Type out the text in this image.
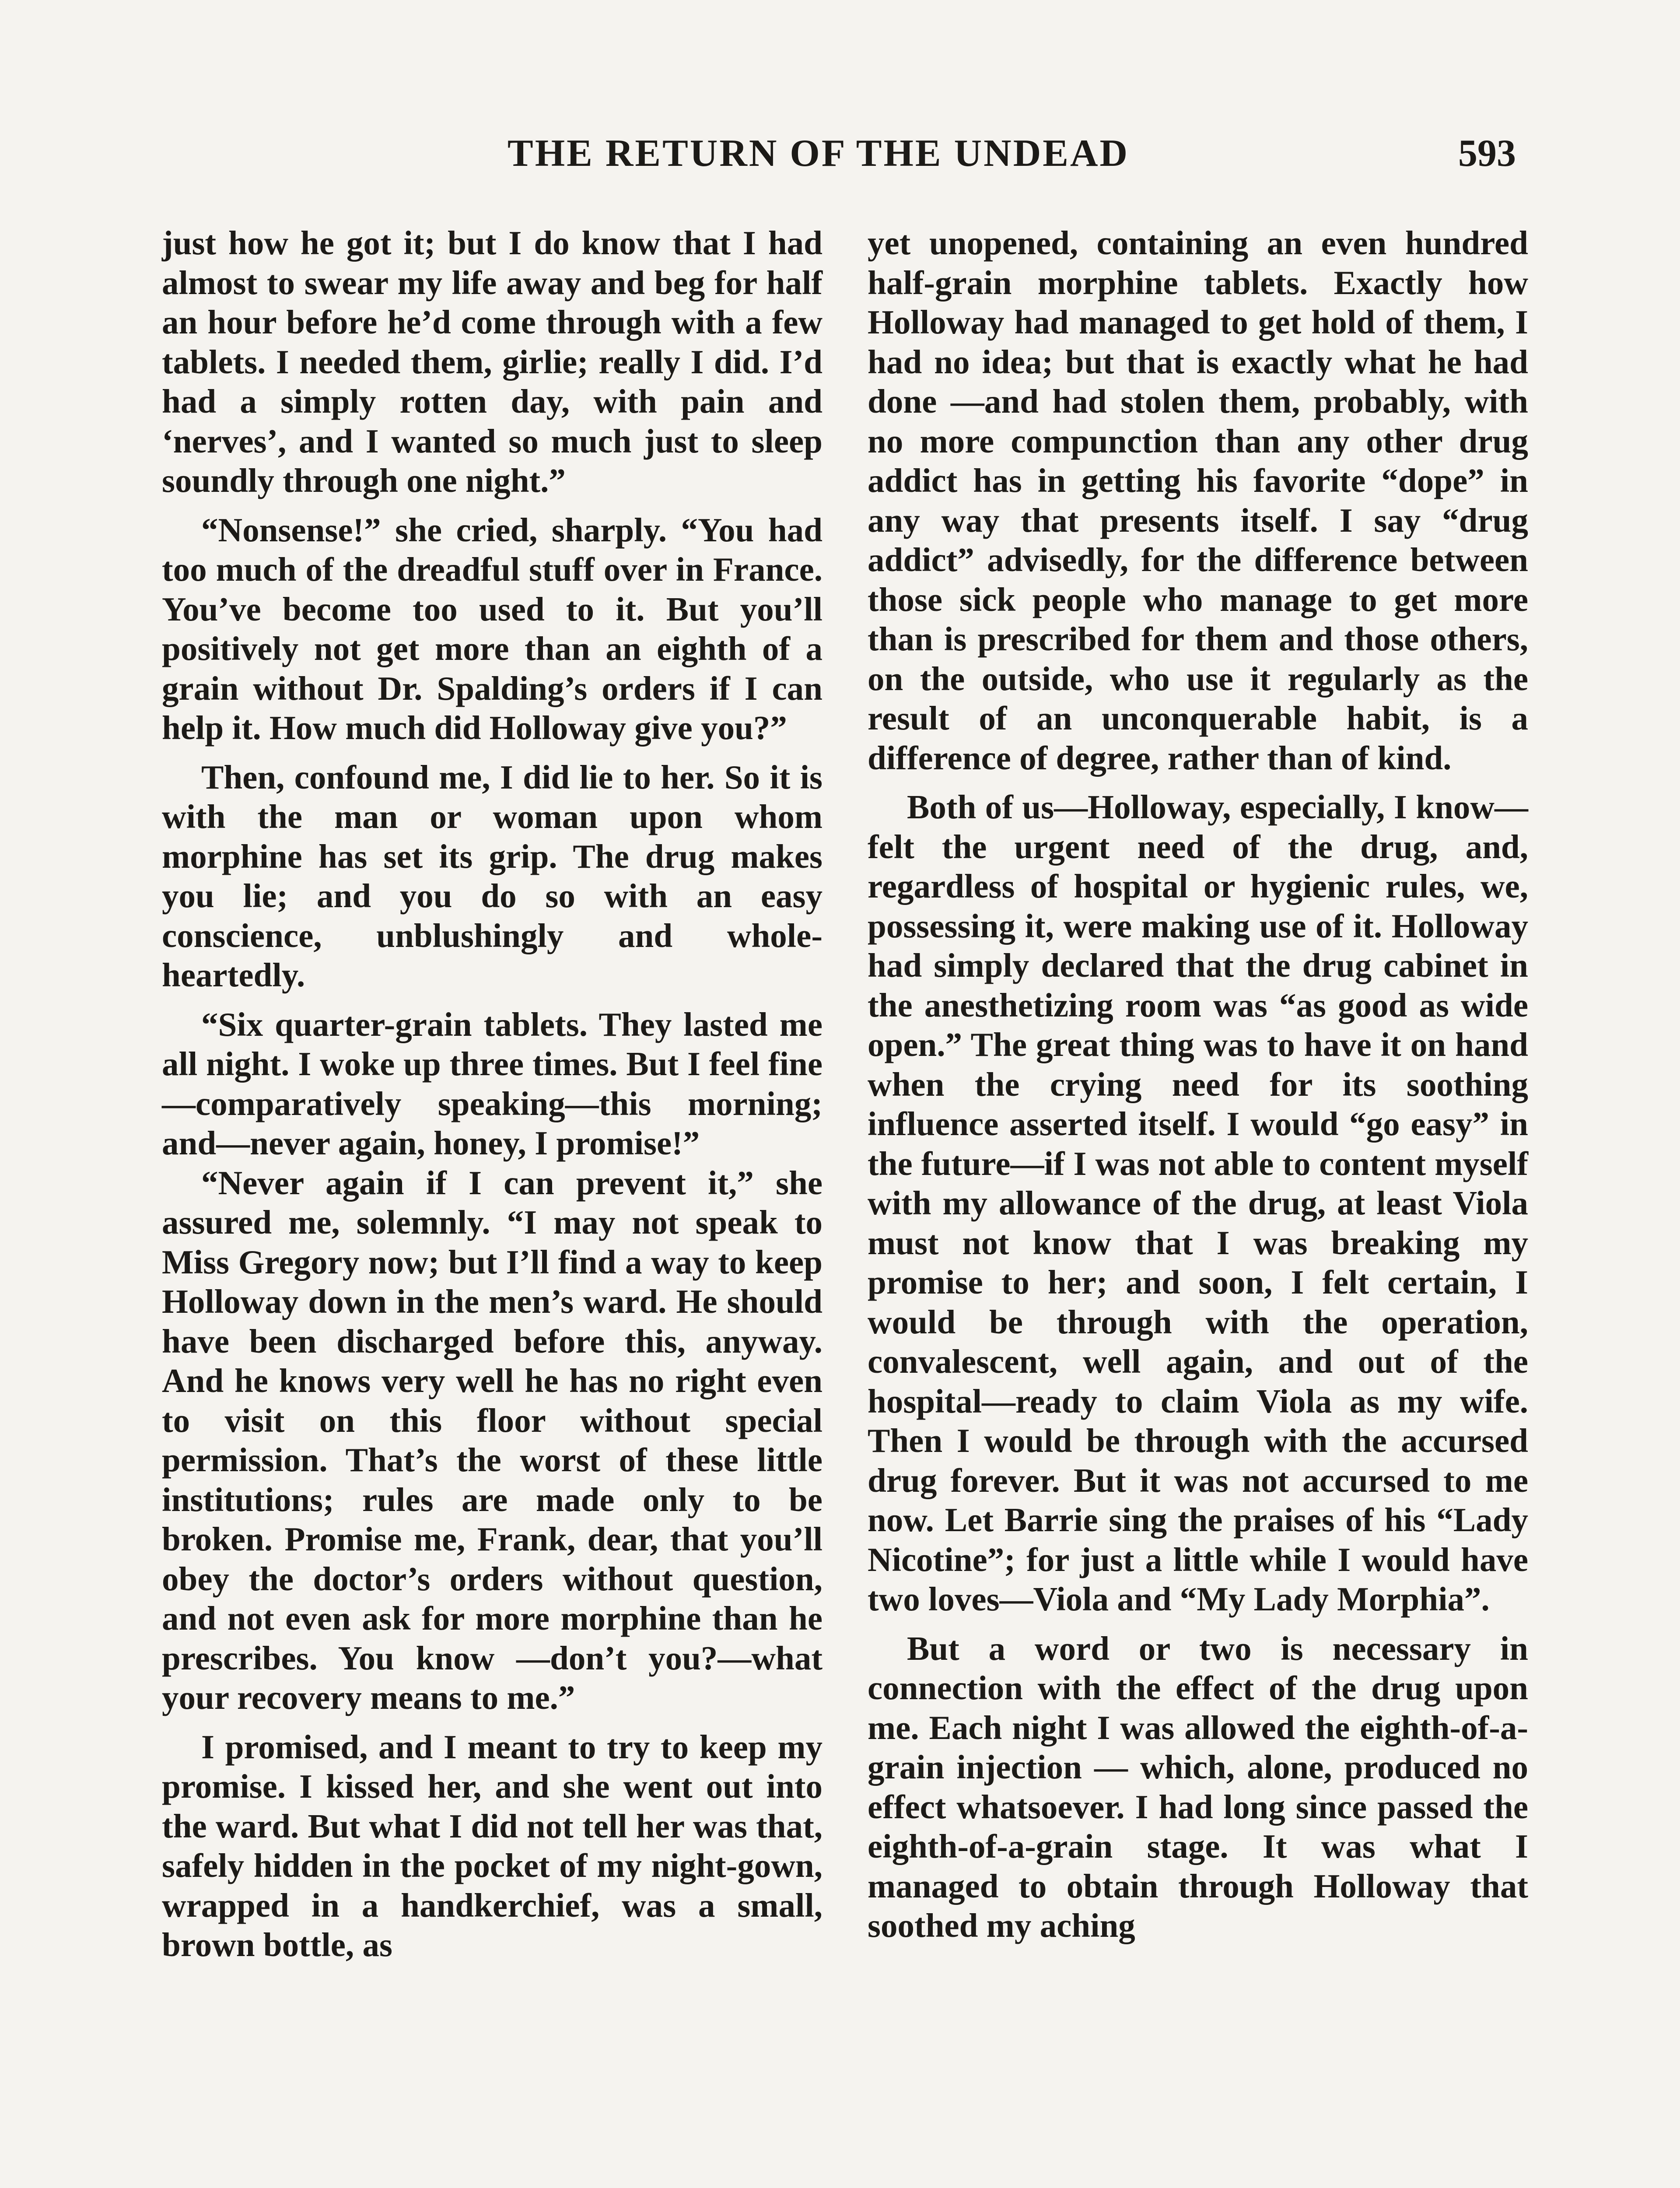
THE RETURN OF THE UNDEAD	593

just how he got it; but I do know that I had almost to swear my life away and beg for half an hour before he’d come through with a few tablets. I needed them, girlie; really I did. I’d had a simply rotten day, with pain and ‘nerves’, and I wanted so much just to sleep soundly through one night.”

“Nonsense!” she cried, sharply. “You had too much of the dreadful stuff over in France. You’ve become too used to it. But you’ll positively not get more than an eighth of a grain without Dr. Spalding’s orders if I can help it. How much did Holloway give you?”

Then, confound me, I did lie to her. So it is with the man or woman upon whom morphine has set its grip. The drug makes you lie; and you do so with an easy conscience, unblushingly and whole-heartedly.

“Six quarter-grain tablets. They lasted me all night. I woke up three times. But I feel fine—comparatively speaking—this morning; and—never again, honey, I promise!”

“Never again if I can prevent it,” she assured me, solemnly. “I may not speak to Miss Gregory now; but I’ll find a way to keep Holloway down in the men’s ward. He should have been discharged before this, anyway. And he knows very well he has no right even to visit on this floor without special permission. That’s the worst of these little institutions; rules are made only to be broken. Promise me, Frank, dear, that you’ll obey the doctor’s orders without question, and not even ask for more morphine than he prescribes. You know —don’t you?—what your recovery means to me.”

I promised, and I meant to try to keep my promise. I kissed her, and she went out into the ward. But what I did not tell her was that, safely hidden in the pocket of my night-gown, wrapped in a handkerchief, was a small, brown bottle, as

yet unopened, containing an even hundred half-grain morphine tablets. Exactly how Holloway had managed to get hold of them, I had no idea; but that is exactly what he had done —and had stolen them, probably, with no more compunction than any other drug addict has in getting his favorite “dope” in any way that presents itself. I say “drug addict” advisedly, for the difference between those sick people who manage to get more than is prescribed for them and those others, on the outside, who use it regularly as the result of an unconquerable habit, is a difference of degree, rather than of kind.

Both of us—Holloway, especially, I know—felt the urgent need of the drug, and, regardless of hospital or hygienic rules, we, possessing it, were making use of it. Holloway had simply declared that the drug cabinet in the anesthetizing room was “as good as wide open.” The great thing was to have it on hand when the crying need for its soothing influence asserted itself. I would “go easy” in the future—if I was not able to content myself with my allowance of the drug, at least Viola must not know that I was breaking my promise to her; and soon, I felt certain, I would be through with the operation, convalescent, well again, and out of the hospital—ready to claim Viola as my wife. Then I would be through with the accursed drug forever. But it was not accursed to me now. Let Barrie sing the praises of his “Lady Nicotine”; for just a little while I would have two loves—Viola and “My Lady Morphia”.

But a word or two is necessary in connection with the effect of the drug upon me. Each night I was allowed the eighth-of-a-grain injection — which, alone, produced no effect whatsoever. I had long since passed the eighth-of-a-grain stage. It was what I managed to obtain through Holloway that soothed my aching
